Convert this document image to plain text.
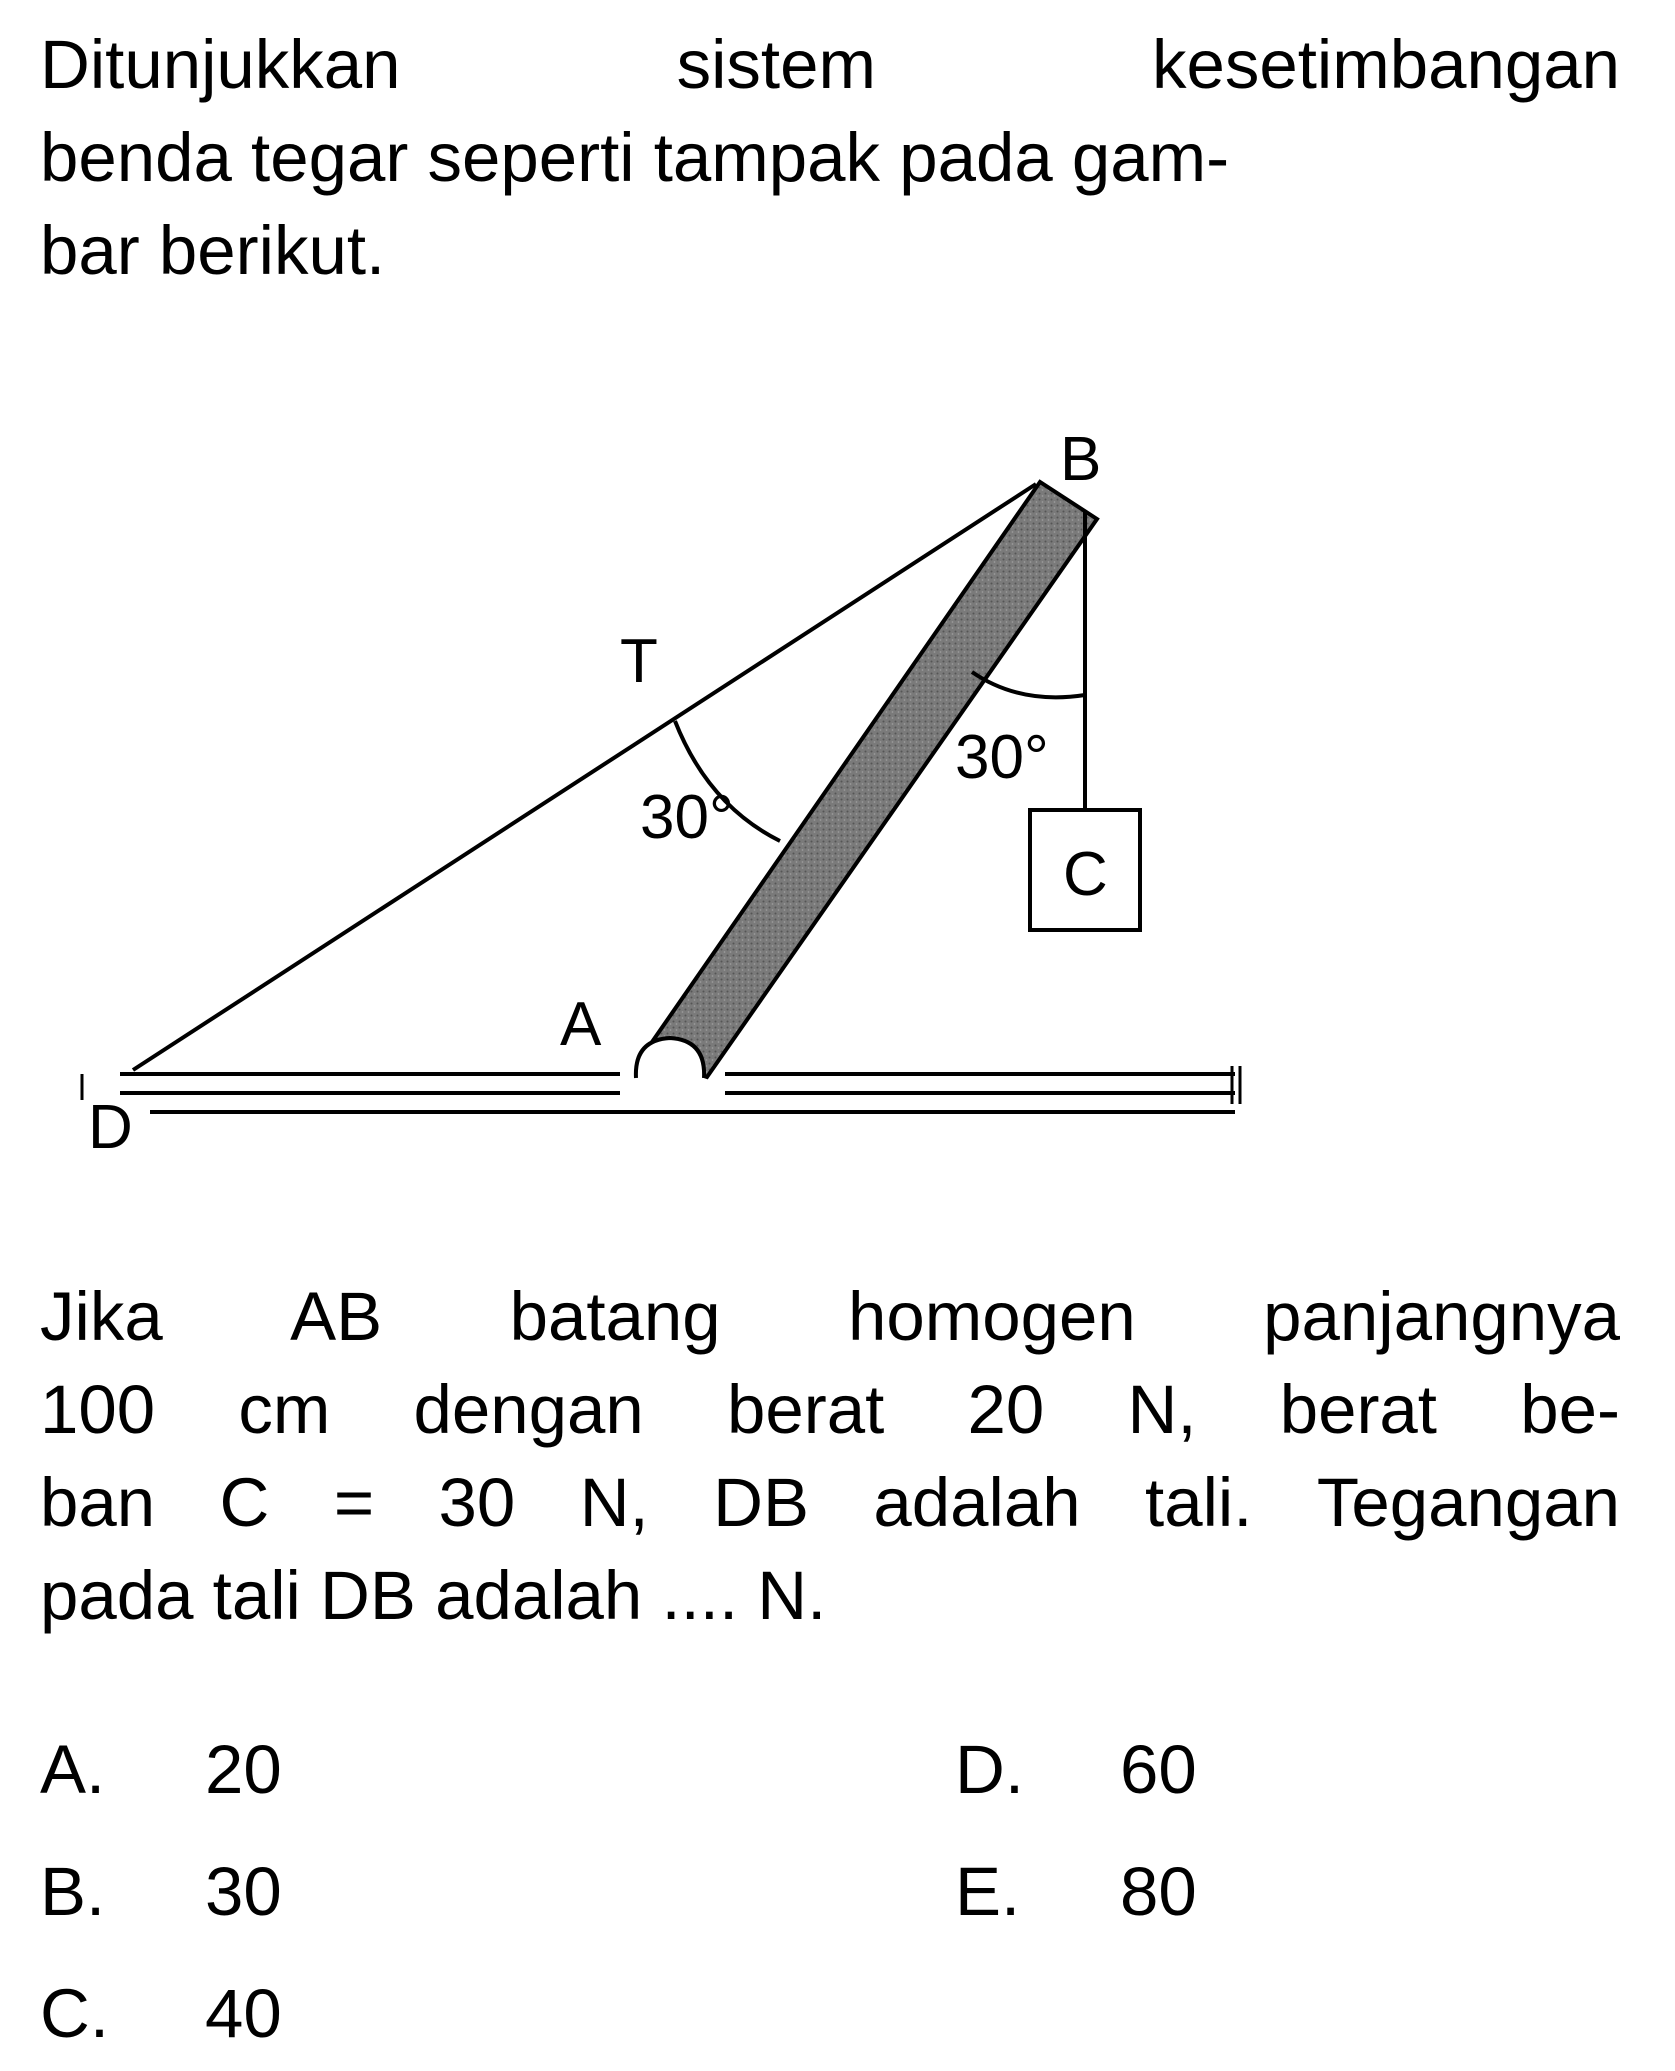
Ditunjukkan	sistem	kesetimbangan
benda tegar seperti tampak pada gam-
bar berikut.
B
T
30°
30°
C
A
D
Jika AB batang homogen panjangnya
100 cm dengan berat 20 N, berat be-
ban C = 30 N, DB adalah tali. Tegangan
pada tali DB adalah .... N.
A. 20
B. 30
C. 40
D. 60
E. 80
